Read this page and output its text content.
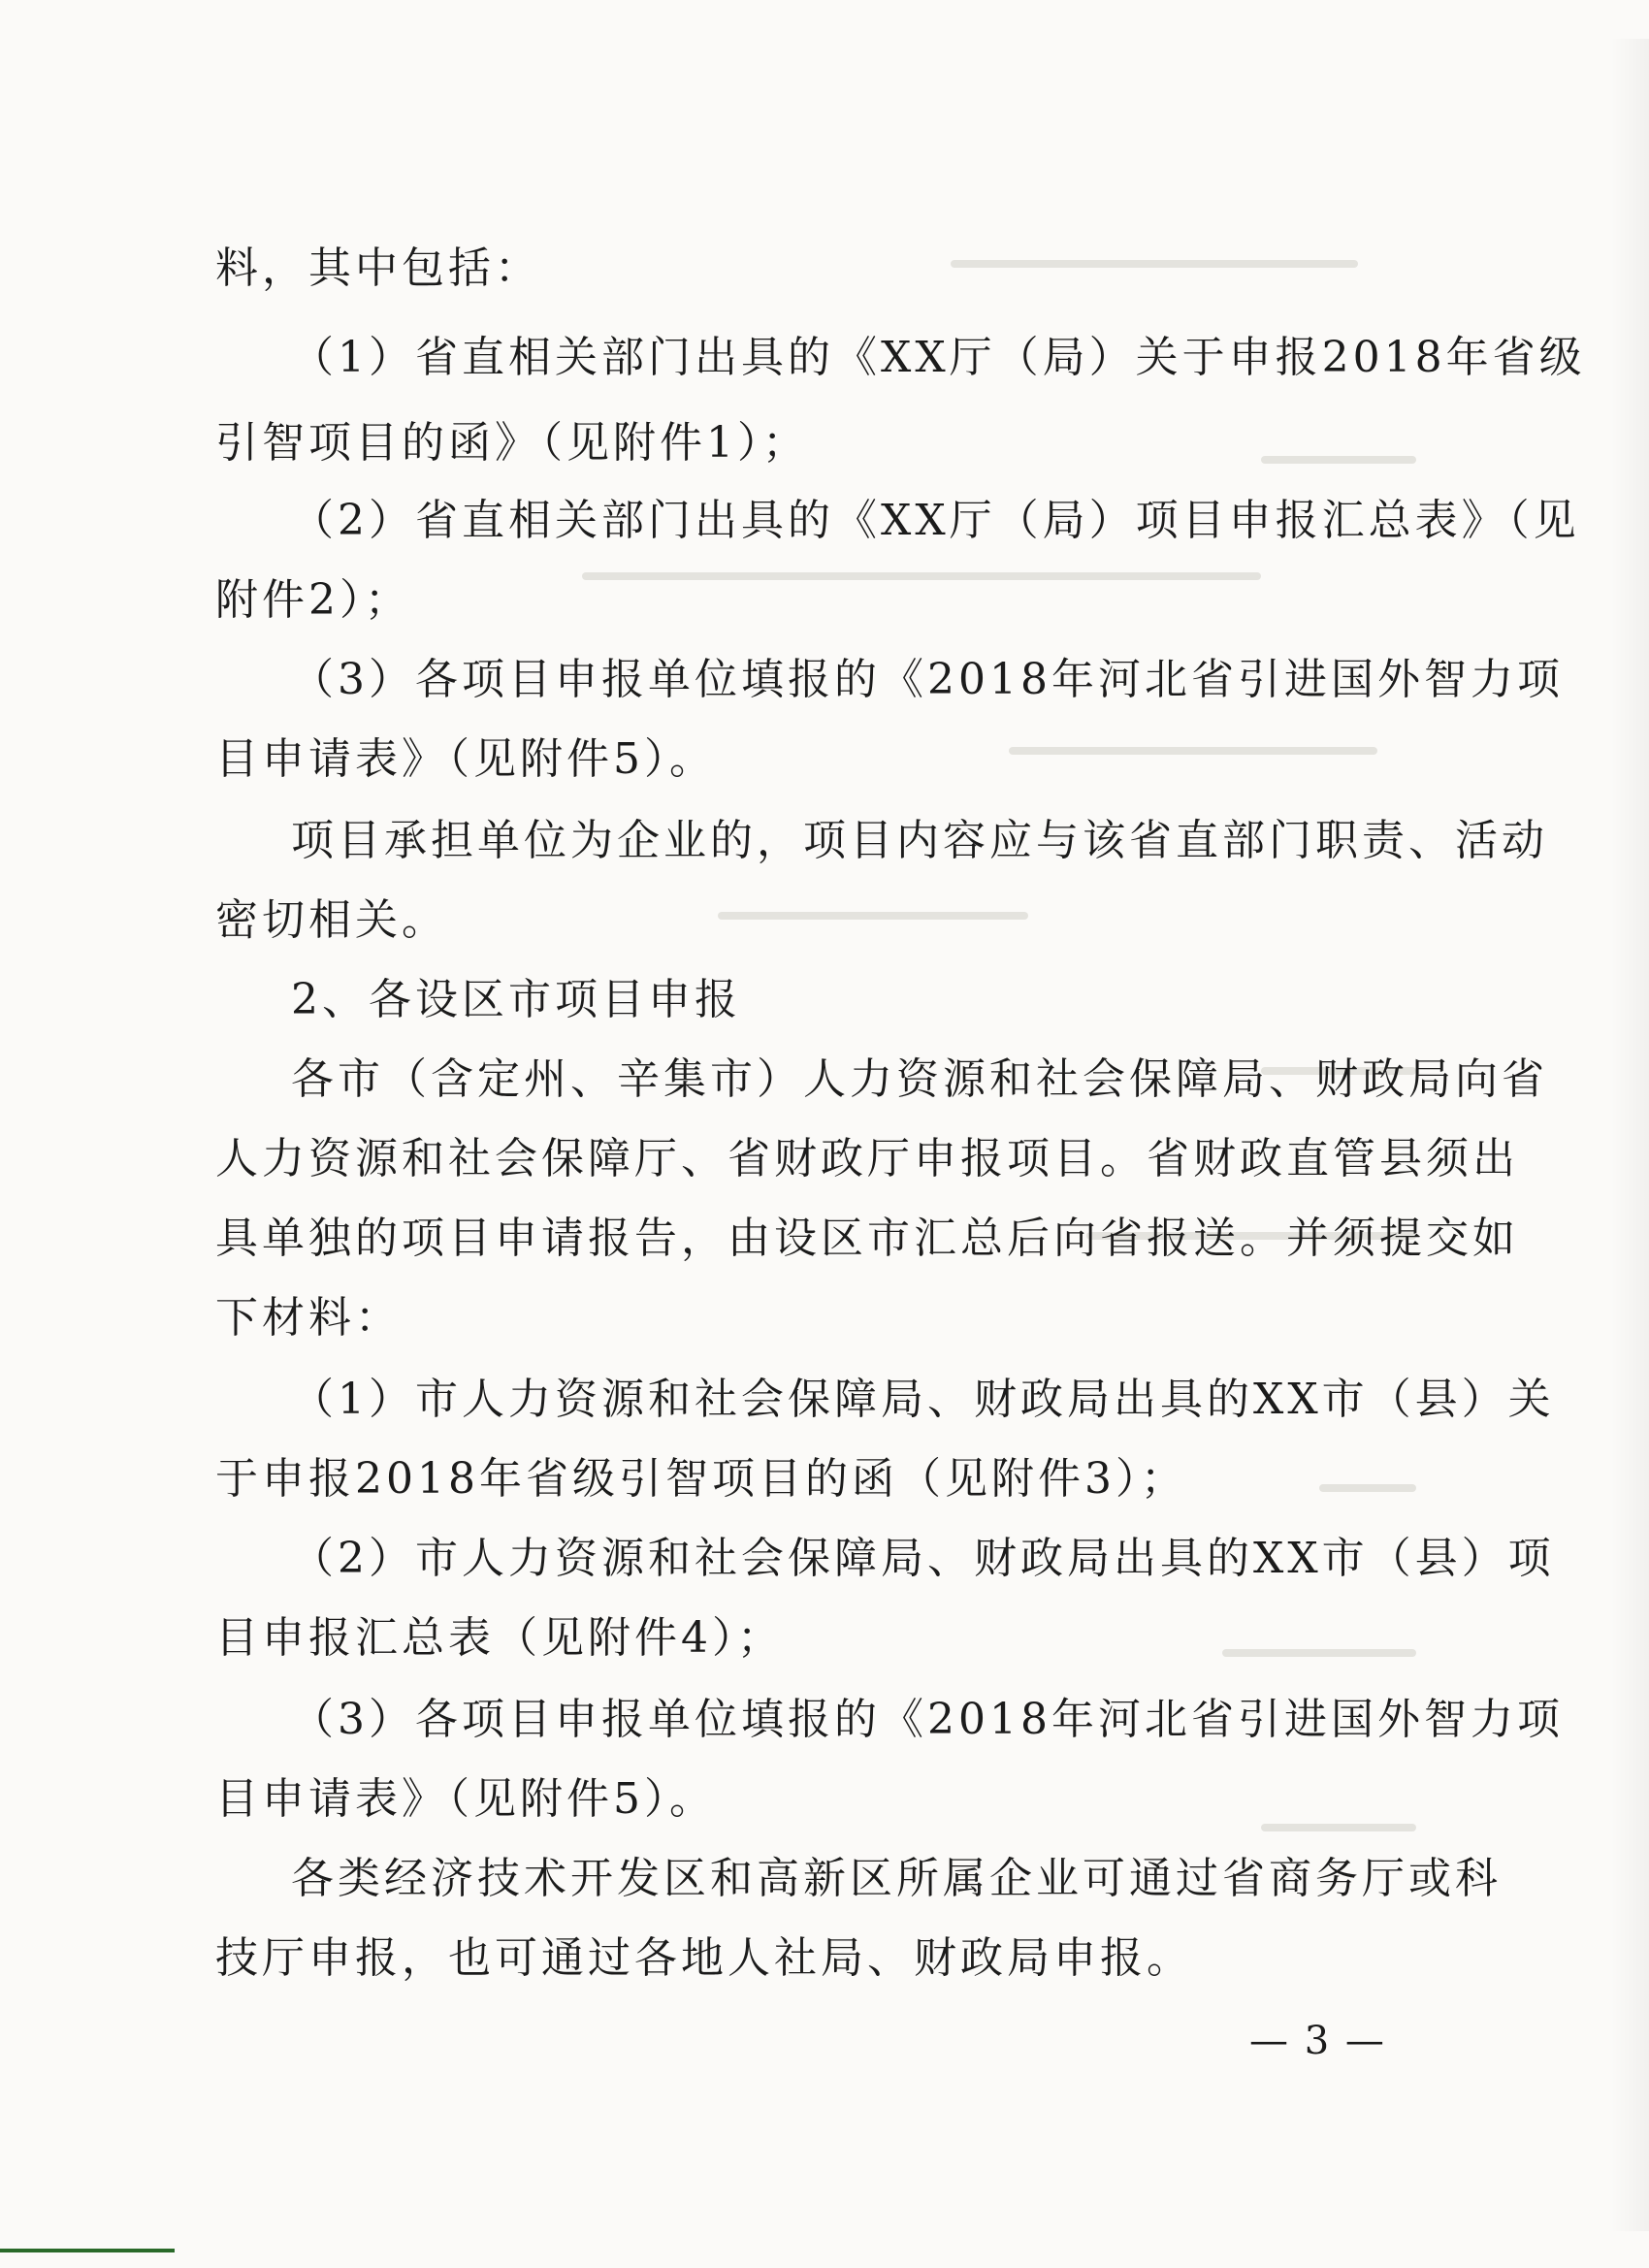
料，其中包括：
（1）省直相关部门出具的《XX厅（局）关于申报2018年省级
引智项目的函》（见附件1）；
（2）省直相关部门出具的《XX厅（局）项目申报汇总表》（见
附件2）；
（3）各项目申报单位填报的《2018年河北省引进国外智力项
目申请表》（见附件5）。
项目承担单位为企业的，项目内容应与该省直部门职责、活动
密切相关。
2、各设区市项目申报
各市（含定州、辛集市）人力资源和社会保障局、财政局向省
人力资源和社会保障厅、省财政厅申报项目。省财政直管县须出
具单独的项目申请报告，由设区市汇总后向省报送。并须提交如
下材料：
（1）市人力资源和社会保障局、财政局出具的XX市（县）关
于申报2018年省级引智项目的函（见附件3）；
（2）市人力资源和社会保障局、财政局出具的XX市（县）项
目申报汇总表（见附件4）；
（3）各项目申报单位填报的《2018年河北省引进国外智力项
目申请表》（见附件5）。
各类经济技术开发区和高新区所属企业可通过省商务厅或科
技厅申报，也可通过各地人社局、财政局申报。
— 3 —
